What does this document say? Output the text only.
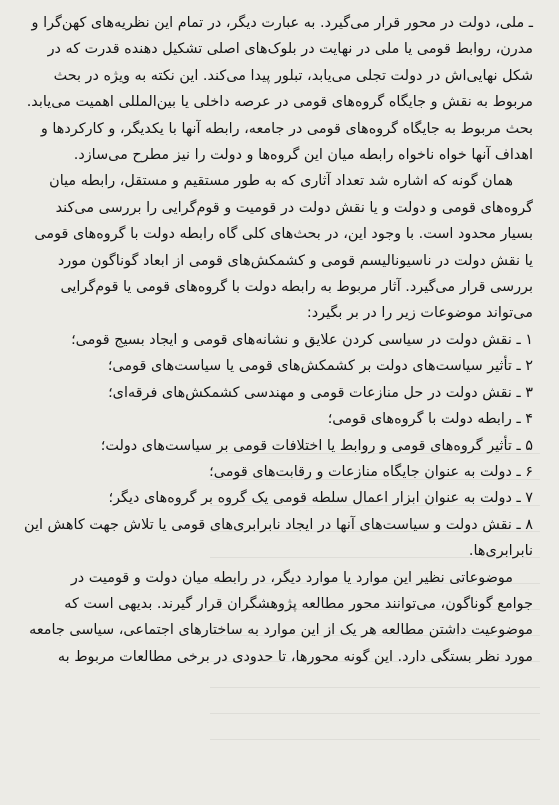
ـ ملی، دولت در محور قرار می‌گیرد. به عبارت دیگر، در تمام این نظریه‌های کهن‌گرا و

مدرن، روابط قومی یا ملی در نهایت در بلوک‌های اصلی تشکیل دهنده قدرت که در

شکل نهایی‌اش در دولت تجلی می‌یابد، تبلور پیدا می‌کند. این نکته به ویژه در بحث

مربوط به نقش و جایگاه گروه‌های قومی در عرصه داخلی یا بین‌المللی اهمیت می‌یابد.

بحث مربوط به جایگاه گروه‌های قومی در جامعه، رابطه آنها با یکدیگر، و کارکردها و

اهداف آنها خواه ناخواه رابطه میان این گروه‌ها و دولت را نیز مطرح می‌سازد.

همان گونه که اشاره شد تعداد آثاری که به طور مستقیم و مستقل، رابطه میان

گروه‌های قومی و دولت و یا نقش دولت در قومیت و قوم‌گرایی را بررسی می‌کند

بسیار محدود است. با وجود این، در بحث‌های کلی گاه رابطه دولت با گروه‌های قومی

یا نقش دولت در ناسیونالیسم قومی و کشمکش‌های قومی از ابعاد گوناگون مورد

بررسی قرار می‌گیرد. آثار مربوط به رابطه دولت با گروه‌های قومی یا قوم‌گرایی

می‌تواند موضوعات زیر را در بر بگیرد:

۱ ـ نقش دولت در سیاسی کردن علایق و نشانه‌های قومی و ایجاد بسیج قومی؛
۲ ـ تأثیر سیاست‌های دولت بر کشمکش‌های قومی یا سیاست‌های قومی؛
۳ ـ نقش دولت در حل منازعات قومی و مهندسی کشمکش‌های فرقه‌ای؛
۴ ـ رابطه دولت با گروه‌های قومی؛
۵ ـ تأثیر گروه‌های قومی و روابط یا اختلافات قومی بر سیاست‌های دولت؛
۶ ـ دولت به عنوان جایگاه منازعات و رقابت‌های قومی؛
۷ ـ دولت به عنوان ابزار اعمال سلطه قومی یک گروه بر گروه‌های دیگر؛
۸ ـ نقش دولت و سیاست‌های آنها در ایجاد نابرابری‌های قومی یا تلاش جهت کاهش این نابرابری‌ها.

موضوعاتی نظیر این موارد یا موارد دیگر، در رابطه میان دولت و قومیت در

جوامع گوناگون، می‌توانند محور مطالعه پژوهشگران قرار گیرند. بدیهی است که

موضوعیت داشتن مطالعه هر یک از این موارد به ساختارهای اجتماعی، سیاسی جامعه

مورد نظر بستگی دارد. این گونه محورها، تا حدودی در برخی مطالعات مربوط به
